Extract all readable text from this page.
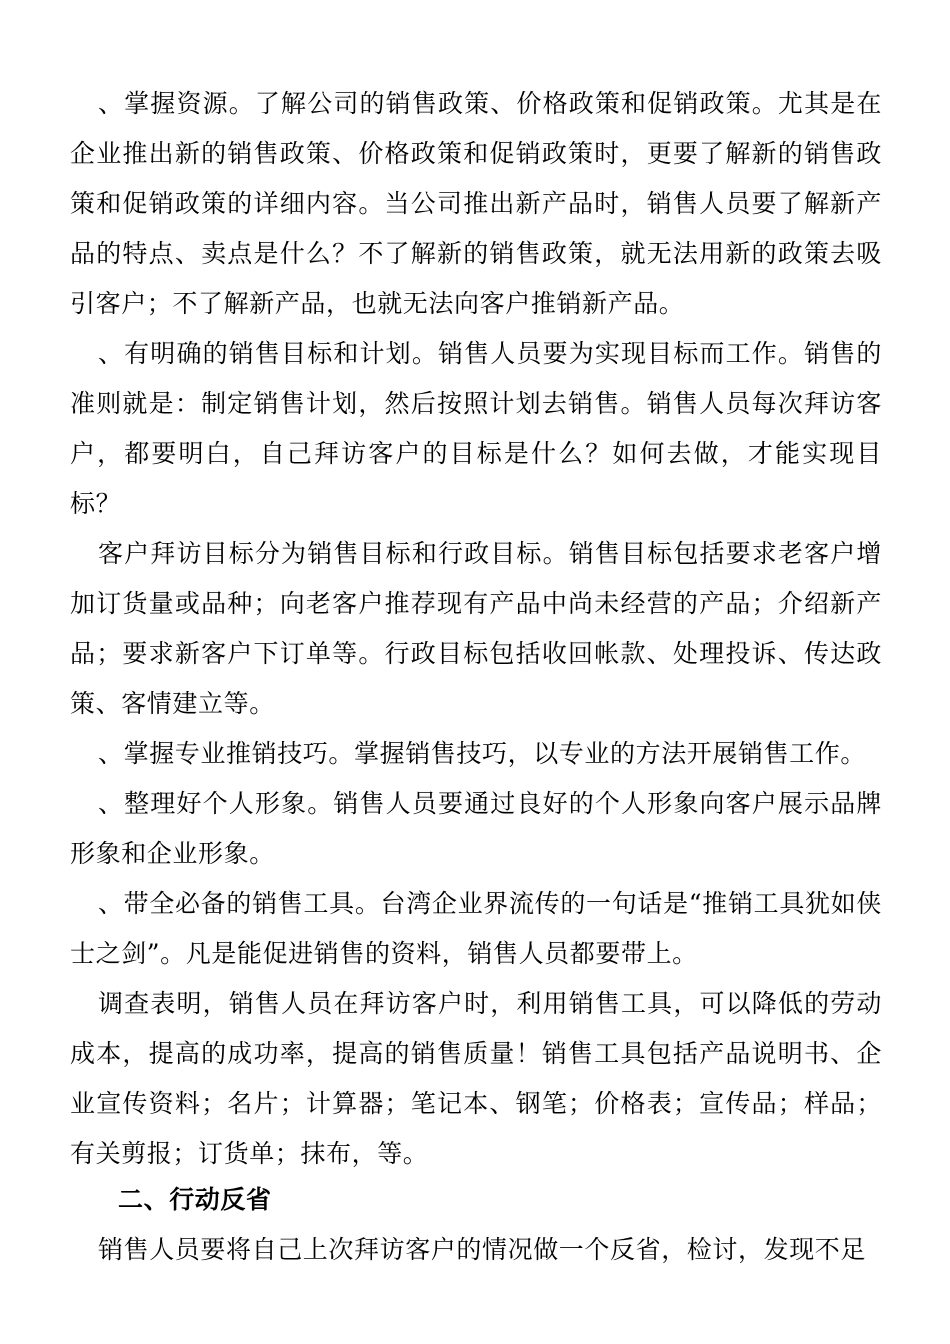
、掌握资源。了解公司的销售政策、价格政策和促销政策。尤其是在企业推出新的销售政策、价格政策和促销政策时，更要了解新的销售政策和促销政策的详细内容。当公司推出新产品时，销售人员要了解新产品的特点、卖点是什么？不了解新的销售政策，就无法用新的政策去吸引客户；不了解新产品，也就无法向客户推销新产品。

、有明确的销售目标和计划。销售人员要为实现目标而工作。销售的准则就是：制定销售计划，然后按照计划去销售。销售人员每次拜访客户，都要明白，自己拜访客户的目标是什么？如何去做，才能实现目标？

客户拜访目标分为销售目标和行政目标。销售目标包括要求老客户增加订货量或品种；向老客户推荐现有产品中尚未经营的产品；介绍新产品；要求新客户下订单等。行政目标包括收回帐款、处理投诉、传达政策、客情建立等。

、掌握专业推销技巧。掌握销售技巧，以专业的方法开展销售工作。

、整理好个人形象。销售人员要通过良好的个人形象向客户展示品牌形象和企业形象。

、带全必备的销售工具。台湾企业界流传的一句话是“推销工具犹如侠士之剑”。凡是能促进销售的资料，销售人员都要带上。

调查表明，销售人员在拜访客户时，利用销售工具，可以降低的劳动成本，提高的成功率，提高的销售质量！销售工具包括产品说明书、企业宣传资料；名片；计算器；笔记本、钢笔；价格表；宣传品；样品；有关剪报；订货单；抹布，等。

二、行动反省

销售人员要将自己上次拜访客户的情况做一个反省，检讨，发现不足
